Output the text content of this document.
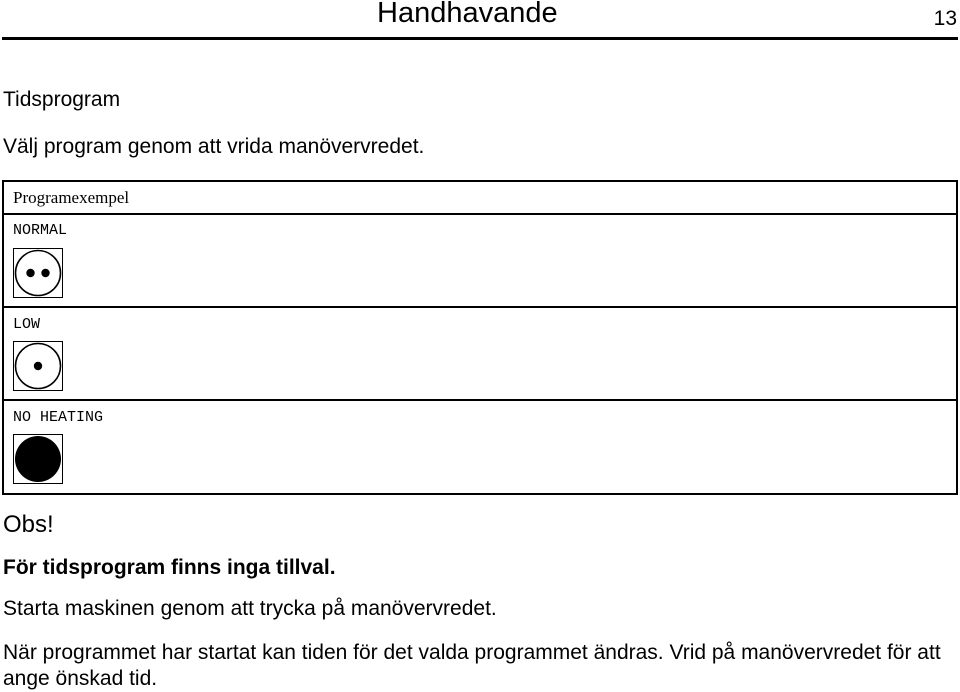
Handhavande	13
Tidsprogram
Välj program genom att vrida manövervredet.
Programexempel
NORMAL
LOW
NO HEATING
Obs!
För tidsprogram finns inga tillval.
Starta maskinen genom att trycka på manövervredet.
När programmet har startat kan tiden för det valda programmet ändras. Vrid på manövervredet för att ange önskad tid.
